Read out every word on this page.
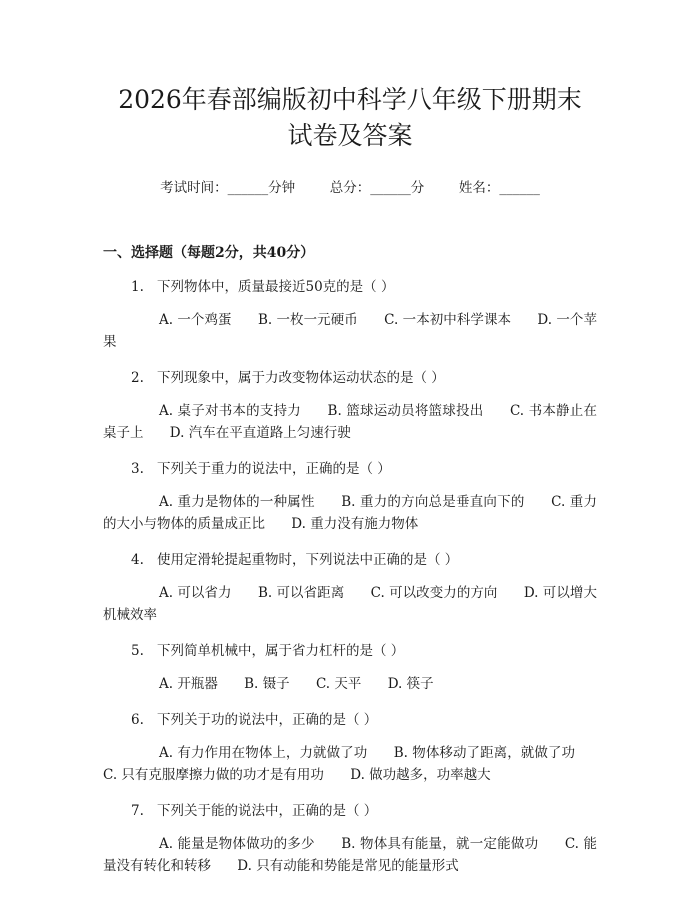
2026年春部编版初中科学八年级下册期末试卷及答案
考试时间：______分钟	总分：______分	姓名：______
一、选择题（每题2分，共40分）
1. 下列物体中，质量最接近50克的是（ ）
A. 一个鸡蛋 B. 一枚一元硬币 C. 一本初中科学课本 D. 一个苹果
2. 下列现象中，属于力改变物体运动状态的是（ ）
A. 桌子对书本的支持力 B. 篮球运动员将篮球投出 C. 书本静止在桌子上 D. 汽车在平直道路上匀速行驶
3. 下列关于重力的说法中，正确的是（ ）
A. 重力是物体的一种属性 B. 重力的方向总是垂直向下的 C. 重力的大小与物体的质量成正比 D. 重力没有施力物体
4. 使用定滑轮提起重物时，下列说法中正确的是（ ）
A. 可以省力 B. 可以省距离 C. 可以改变力的方向 D. 可以增大机械效率
5. 下列简单机械中，属于省力杠杆的是（ ）
A. 开瓶器 B. 镊子 C. 天平 D. 筷子
6. 下列关于功的说法中，正确的是（ ）
A. 有力作用在物体上，力就做了功 B. 物体移动了距离，就做了功 C. 只有克服摩擦力做的功才是有用功 D. 做功越多，功率越大
7. 下列关于能的说法中，正确的是（ ）
A. 能量是物体做功的多少 B. 物体具有能量，就一定能做功 C. 能量没有转化和转移 D. 只有动能和势能是常见的能量形式
